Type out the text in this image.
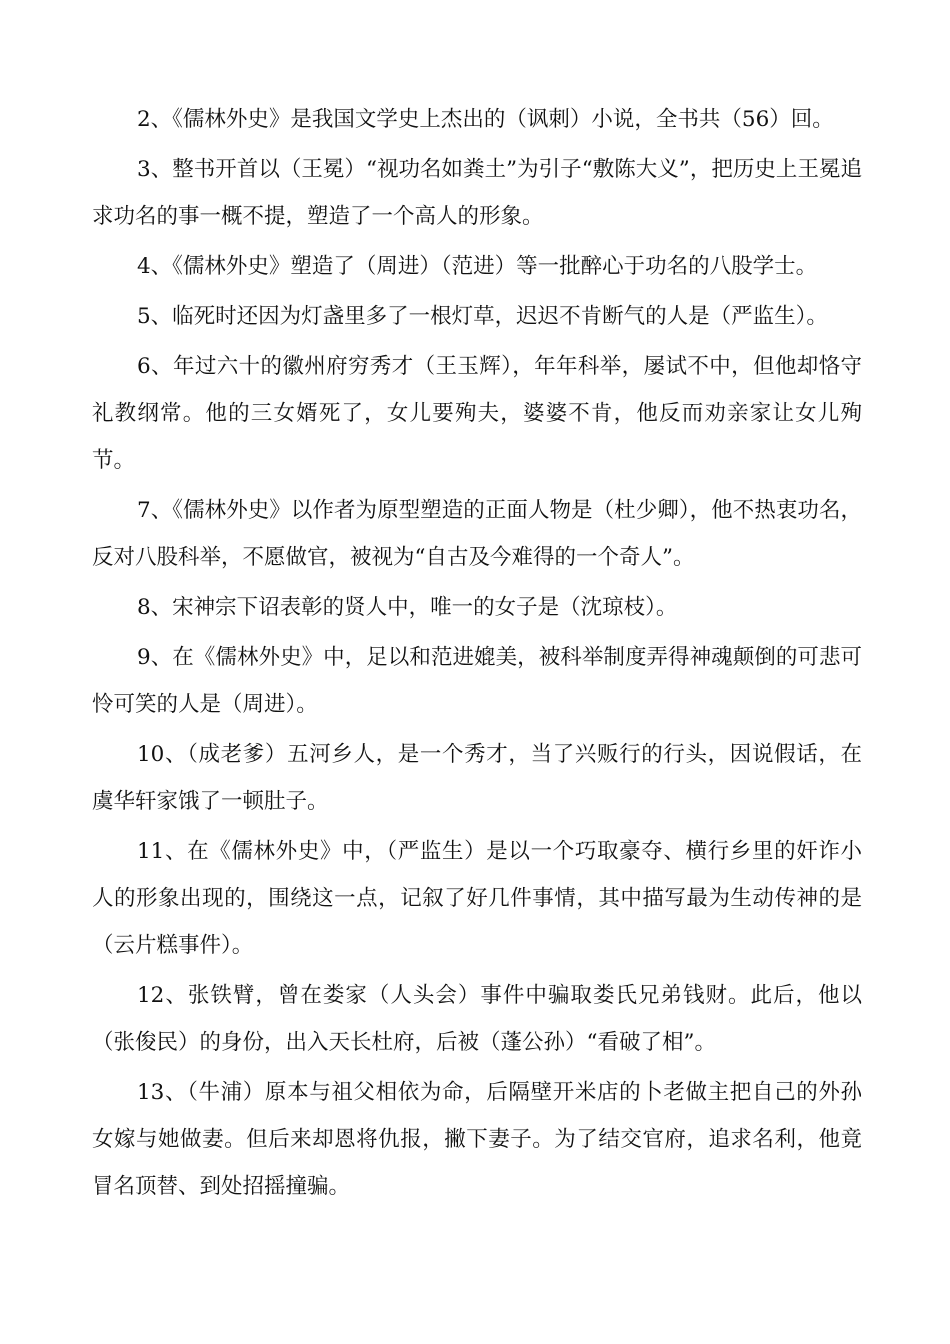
2、《儒林外史》是我国文学史上杰出的（讽刺）小说，全书共（56）回。

3、整书开首以（王冕）“视功名如粪土”为引子“敷陈大义”，把历史上王冕追求功名的事一概不提，塑造了一个高人的形象。

4、《儒林外史》塑造了（周进）（范进）等一批醉心于功名的八股学士。

5、临死时还因为灯盏里多了一根灯草，迟迟不肯断气的人是（严监生）。

6、年过六十的徽州府穷秀才（王玉辉），年年科举，屡试不中，但他却恪守礼教纲常。他的三女婿死了，女儿要殉夫，婆婆不肯，他反而劝亲家让女儿殉节。

7、《儒林外史》以作者为原型塑造的正面人物是（杜少卿），他不热衷功名，反对八股科举，不愿做官，被视为“自古及今难得的一个奇人”。

8、宋神宗下诏表彰的贤人中，唯一的女子是（沈琼枝）。

9、在《儒林外史》中，足以和范进媲美，被科举制度弄得神魂颠倒的可悲可怜可笑的人是（周进）。

10、（成老爹）五河乡人，是一个秀才，当了兴贩行的行头，因说假话，在虞华轩家饿了一顿肚子。

11、在《儒林外史》中，（严监生）是以一个巧取豪夺、横行乡里的奸诈小人的形象出现的，围绕这一点，记叙了好几件事情，其中描写最为生动传神的是（云片糕事件）。

12、张铁臂，曾在娄家（人头会）事件中骗取娄氏兄弟钱财。此后，他以（张俊民）的身份，出入天长杜府，后被（蓬公孙）“看破了相”。

13、（牛浦）原本与祖父相依为命，后隔壁开米店的卜老做主把自己的外孙女嫁与她做妻。但后来却恩将仇报，撇下妻子。为了结交官府，追求名利，他竟冒名顶替、到处招摇撞骗。
